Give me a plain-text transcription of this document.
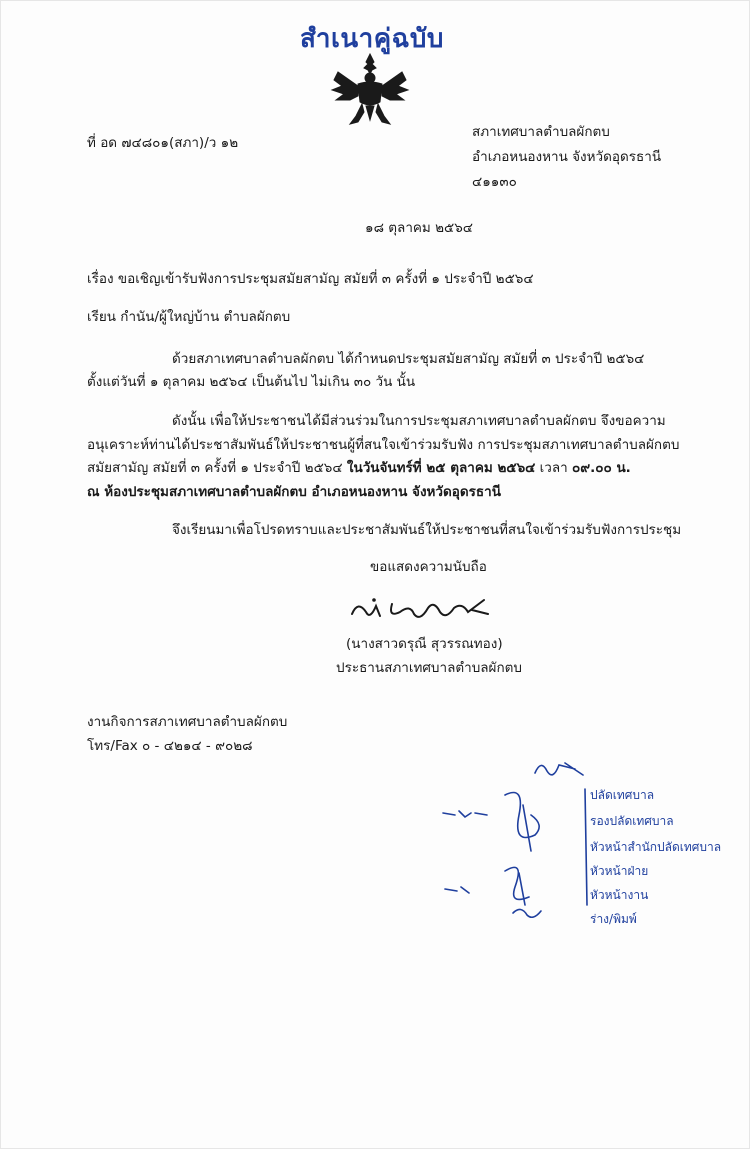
สำเนาคู่ฉบับ
ที่ อด ๗๔๘๐๑(สภา)/ว ๑๒
สภาเทศบาลตำบลผักตบ
อำเภอหนองหาน จังหวัดอุดรธานี
๔๑๑๓๐
๑๘ ตุลาคม ๒๕๖๔
เรื่อง ขอเชิญเข้ารับฟังการประชุมสมัยสามัญ สมัยที่ ๓ ครั้งที่ ๑ ประจำปี ๒๕๖๔
เรียน กำนัน/ผู้ใหญ่บ้าน ตำบลผักตบ
ด้วยสภาเทศบาลตำบลผักตบ ได้กำหนดประชุมสมัยสามัญ สมัยที่ ๓ ประจำปี ๒๕๖๔
ตั้งแต่วันที่ ๑ ตุลาคม ๒๕๖๔ เป็นต้นไป ไม่เกิน ๓๐ วัน นั้น
ดังนั้น เพื่อให้ประชาชนได้มีส่วนร่วมในการประชุมสภาเทศบาลตำบลผักตบ จึงขอความ
อนุเคราะห์ท่านได้ประชาสัมพันธ์ให้ประชาชนผู้ที่สนใจเข้าร่วมรับฟัง การประชุมสภาเทศบาลตำบลผักตบ
สมัยสามัญ สมัยที่ ๓ ครั้งที่ ๑ ประจำปี ๒๕๖๔ ในวันจันทร์ที่ ๒๕ ตุลาคม ๒๕๖๔ เวลา ๐๙.๐๐ น.
ณ ห้องประชุมสภาเทศบาลตำบลผักตบ อำเภอหนองหาน จังหวัดอุดรธานี
จึงเรียนมาเพื่อโปรดทราบและประชาสัมพันธ์ให้ประชาชนที่สนใจเข้าร่วมรับฟังการประชุม
ขอแสดงความนับถือ
(นางสาวดรุณี สุวรรณทอง)
ประธานสภาเทศบาลตำบลผักตบ
งานกิจการสภาเทศบาลตำบลผักตบ
โทร/Fax ๐ - ๔๒๑๔ - ๙๐๒๘
ปลัดเทศบาล
รองปลัดเทศบาล
หัวหน้าสำนักปลัดเทศบาล
หัวหน้าฝ่าย
หัวหน้างาน
ร่าง/พิมพ์
